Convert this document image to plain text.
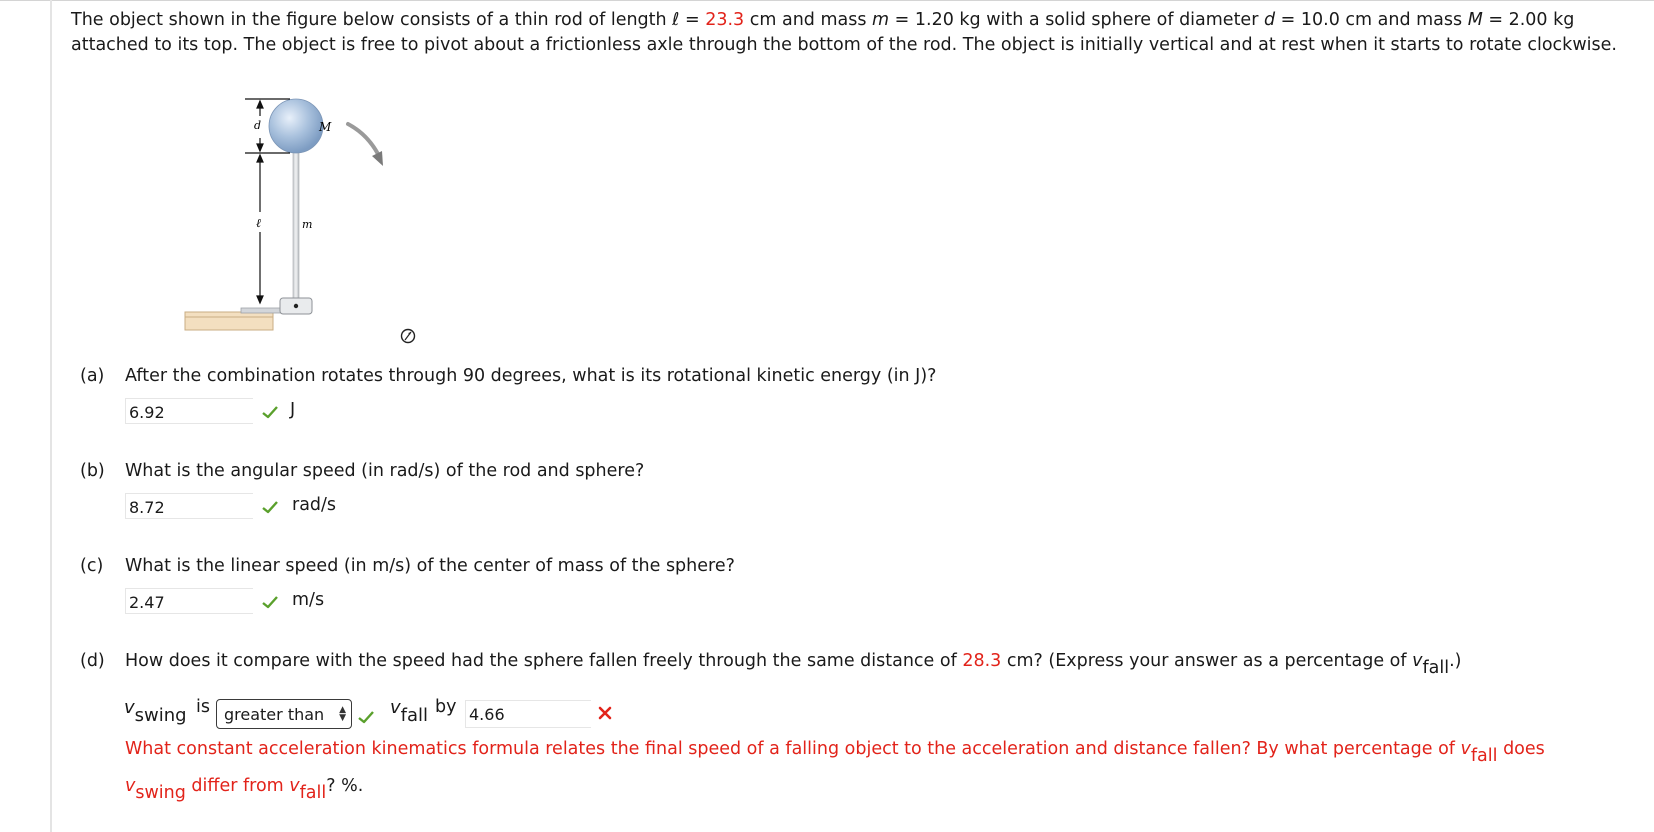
The object shown in the figure below consists of a thin rod of length ℓ = 23.3 cm and mass m = 1.20 kg with a solid sphere of diameter d = 10.0 cm and mass M = 2.00 kg attached to its top. The object is free to pivot about a frictionless axle through the bottom of the rod. The object is initially vertical and at rest when it starts to rotate clockwise.
d	M
ℓ	m
(a) After the combination rotates through 90 degrees, what is its rotational kinetic energy (in J)?
6.92	J
(b) What is the angular speed (in rad/s) of the rod and sphere?
8.72	rad/s
(c) What is the linear speed (in m/s) of the center of mass of the sphere?
2.47	m/s
(d) How does it compare with the speed had the sphere fallen freely through the same distance of 28.3 cm? (Express your answer as a percentage of $v_{fall}$.)
$v_{swing}$ is greater than ▲
▼ $v_{fall}$ by 4.66
What constant acceleration kinematics formula relates the final speed of a falling object to the acceleration and distance fallen? By what percentage of $v_{fall}$ does
$v_{swing}$ differ from $v_{fall}$? %.
